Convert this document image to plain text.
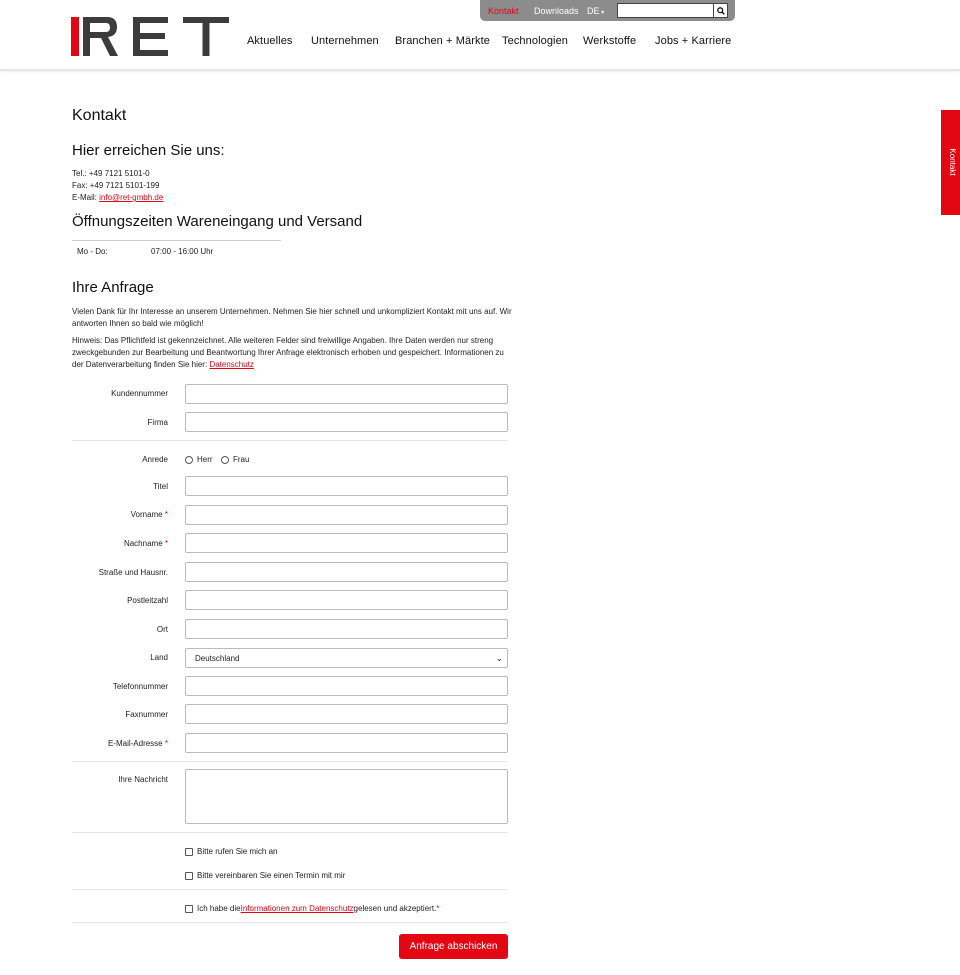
Kontakt Downloads DE ▾
Aktuelles Unternehmen Branchen + Märkte Technologien Werkstoffe Jobs + Karriere
Kontakt
Kontakt
Hier erreichen Sie uns:
Tel.: +49 7121 5101-0
Fax: +49 7121 5101-199
E-Mail: info@ret-gmbh.de
Öffnungszeiten Wareneingang und Versand
Mo - Do:	07:00 - 16:00 Uhr
Ihre Anfrage
Vielen Dank für Ihr Interesse an unserem Unternehmen. Nehmen Sie hier schnell und unkompliziert Kontakt mit uns auf. Wir antworten Ihnen so bald wie möglich!
Hinweis: Das Pflichtfeld ist gekennzeichnet. Alle weiteren Felder sind freiwillige Angaben. Ihre Daten werden nur streng zweckgebunden zur Bearbeitung und Beantwortung Ihrer Anfrage elektronisch erhoben und gespeichert. Informationen zu der Datenverarbeitung finden Sie hier: Datenschutz
Kundennummer
Firma
Anrede	Herr	Frau
Titel
Vorname *
Nachname *
Straße und Hausnr.
Postleitzahl
Ort
Land	Deutschland	⌄
Telefonnummer
Faxnummer
E-Mail-Adresse *
Ihre Nachricht
Bitte rufen Sie mich an
Bitte vereinbaren Sie einen Termin mit mir
Ich habe die Informationen zum Datenschutz gelesen und akzeptiert. *
Anfrage abschicken
